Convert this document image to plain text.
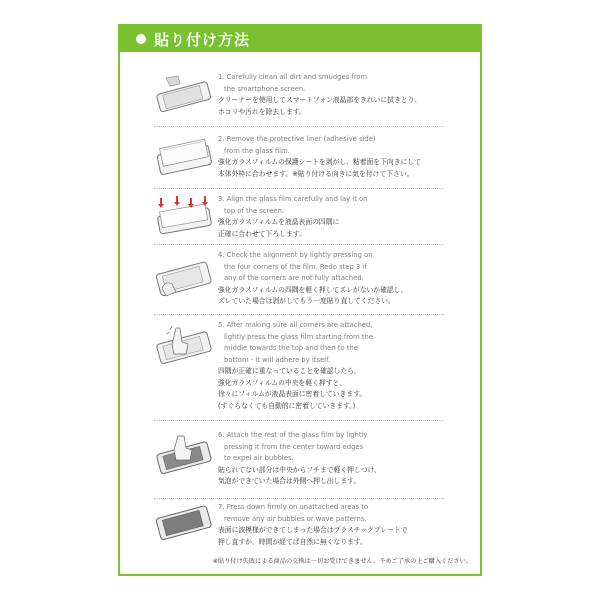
貼り付け方法
1. Carefully clean all dirt and smudges from
the smartphone screen.
クリーナーを使用してスマートフォン液晶部をきれいに拭きとり、
ホコリや汚れを除去します。
2. Remove the protective liner (adhesive side)
from the glass film.
強化ガラスフィルムの保護シートを剥がし、粘着面を下向きにして
本体外枠に合わせます。※貼り付ける向きに気を付けて下さい。
3. Align the glass film carefully and lay it on
top of the screen.
強化ガラスフィルムを液晶表面の四隅に
正確に合わせて下ろします。
4. Check the alignment by lightly pressing on
the four corners of the film. Redo step 3 if
any of the corners are not fully attached.
強化ガラスフィルムの四隅を軽く押してズレがないか確認し、
ズレていた場合は剥がしてもう一度貼り直してください。
5. After making sure all corners are attached,
lightly press the glass film starting from the
middle towards the top and then to the
bottom - it will adhere by itself.
四隅が正確に重なっていることを確認したら、
強化ガラスフィルムの中央を軽く押すと、
徐々にフィルムが液晶表面に密着していきます。
(すぐらなくても自動的に密着していきます。)
6. Attach the rest of the glass film by lightly
pressing it from the center toward edges
to expel air bubbles.
貼られてない部分は中央からフチまで軽く押しつけ、
気泡ができていた場合は外側へ押し出します。
7. Press down firmly on unattached areas to
remove any air bubbles or wave patterns.
表面に波模様ができてしまった場合はプラスチックプレートで
押し直すか、時間が経てば自然に無くなります。
※貼り付け失敗による商品の交換は一切お受けできません。予めご了承の上ご購入ください。
